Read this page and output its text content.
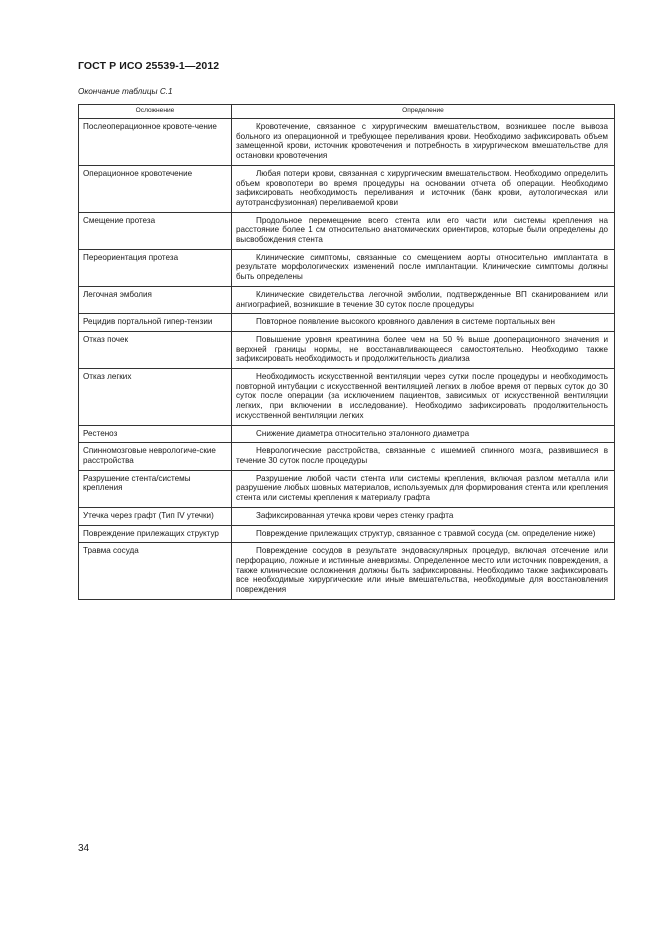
ГОСТ Р ИСО 25539-1—2012
Окончание таблицы С.1
Осложнение	Определение
Послеоперационное кровоте-чение	Кровотечение, связанное с хирургическим вмешательством, возникшее после вывоза больного из операционной и требующее переливания крови. Необходимо зафиксировать объем замещенной крови, источник кровотечения и потребность в хирургическом вмешательстве для остановки кровотечения
Операционное кровотечение	Любая потери крови, связанная с хирургическим вмешательством. Необходимо определить объем кровопотери во время процедуры на основании отчета об операции. Необходимо зафиксировать необходимость переливания и источник (банк крови, аутологическая или аутотрансфузионная) переливаемой крови
Смещение протеза	Продольное перемещение всего стента или его части или системы крепления на расстояние более 1 см относительно анатомических ориентиров, которые были определены до высвобождения стента
Переориентация протеза	Клинические симптомы, связанные со смещением аорты относительно имплантата в результате морфологических изменений после имплантации. Клинические симптомы должны быть определены
Легочная эмболия	Клинические свидетельства легочной эмболии, подтвержденные ВП сканированием или ангиографией, возникшие в течение 30 суток после процедуры
Рецидив портальной гипер-тензии	Повторное появление высокого кровяного давления в системе портальных вен
Отказ почек	Повышение уровня креатинина более чем на 50 % выше дооперационного значения и верхней границы нормы, не восстанавливающееся самостоятельно. Необходимо также зафиксировать необходимость и продолжительность диализа
Отказ легких	Необходимость искусственной вентиляции через сутки после процедуры и необходимость повторной интубации с искусственной вентиляцией легких в любое время от первых суток до 30 суток после операции (за исключением пациентов, зависимых от искусственной вентиляции легких, при включении в исследование). Необходимо зафиксировать продолжительность искусственной вентиляции легких
Рестеноз	Снижение диаметра относительно эталонного диаметра
Спинномозговые неврологиче-ские расстройства	Неврологические расстройства, связанные с ишемией спинного мозга, развившиеся в течение 30 суток после процедуры
Разрушение стента/системы крепления	Разрушение любой части стента или системы крепления, включая разлом металла или разрушение любых шовных материалов, используемых для формирования стента или крепления стента или системы крепления к материалу графта
Утечка через графт (Тип IV утечки)	Зафиксированная утечка крови через стенку графта
Повреждение прилежащих структур	Повреждение прилежащих структур, связанное с травмой сосуда (см. определение ниже)
Травма сосуда	Повреждение сосудов в результате эндоваскулярных процедур, включая отсечение или перфорацию, ложные и истинные аневризмы. Определенное место или источник повреждения, а также клинические осложнения должны быть зафиксированы. Необходимо также зафиксировать все необходимые хирургические или иные вмешательства, необходимые для восстановления повреждения
34
